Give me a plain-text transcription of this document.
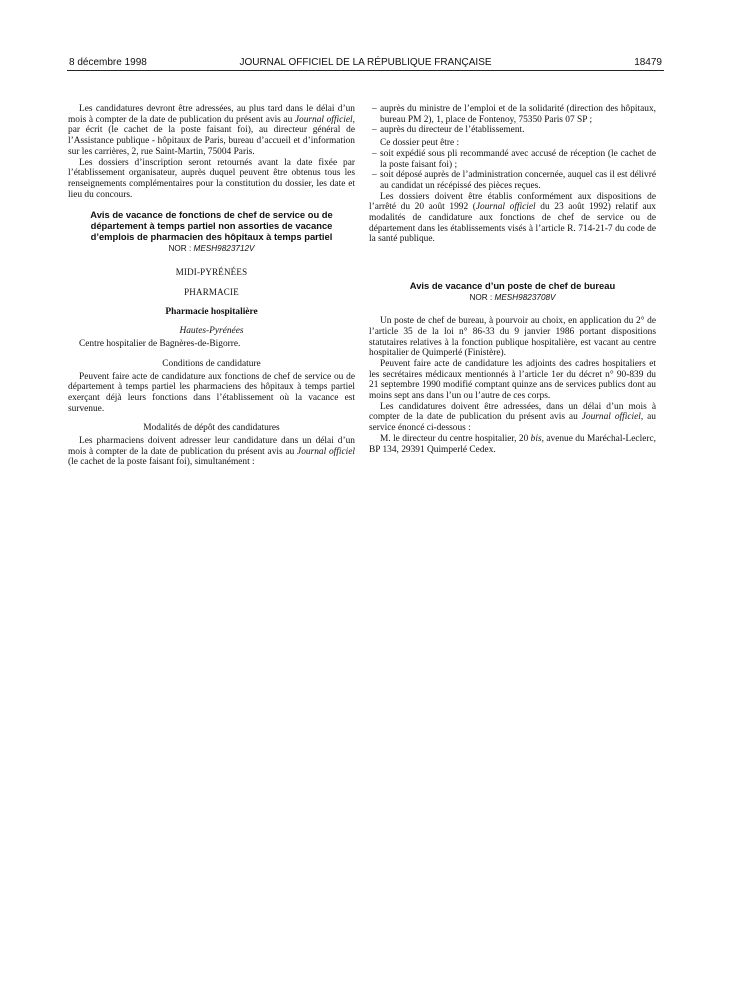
8 décembre 1998	JOURNAL OFFICIEL DE LA RÉPUBLIQUE FRANÇAISE	18479

Les candidatures devront être adressées, au plus tard dans le délai d’un mois à compter de la date de publication du présent avis au Journal officiel, par écrit (le cachet de la poste faisant foi), au directeur général de l’Assistance publique - hôpitaux de Paris, bureau d’accueil et d’information sur les carrières, 2, rue Saint-Martin, 75004 Paris.

Les dossiers d’inscription seront retournés avant la date fixée par l’établissement organisateur, auprès duquel peuvent être obtenus tous les renseignements complémentaires pour la constitution du dossier, les date et lieu du concours.

Avis de vacance de fonctions de chef de service ou de département à temps partiel non assorties de vacance d’emplois de pharmacien des hôpitaux à temps partiel
NOR : MESH9823712V
MIDI-PYRÉNÉES
PHARMACIE
Pharmacie hospitalière
Hautes-Pyrénées
Centre hospitalier de Bagnères-de-Bigorre.
Conditions de candidature

Peuvent faire acte de candidature aux fonctions de chef de service ou de département à temps partiel les pharmaciens des hôpitaux à temps partiel exerçant déjà leurs fonctions dans l’établissement où la vacance est survenue.

Modalités de dépôt des candidatures

Les pharmaciens doivent adresser leur candidature dans un délai d’un mois à compter de la date de publication du présent avis au Journal officiel (le cachet de la poste faisant foi), simultanément :

– auprès du ministre de l’emploi et de la solidarité (direction des hôpitaux, bureau PM 2), 1, place de Fontenoy, 75350 Paris 07 SP ;

– auprès du directeur de l’établissement.

Ce dossier peut être :

– soit expédié sous pli recommandé avec accusé de réception (le cachet de la poste faisant foi) ;

– soit déposé auprès de l’administration concernée, auquel cas il est délivré au candidat un récépissé des pièces reçues.

Les dossiers doivent être établis conformément aux dispositions de l’arrêté du 20 août 1992 (Journal officiel du 23 août 1992) relatif aux modalités de candidature aux fonctions de chef de service ou de département dans les établissements visés à l’article R. 714-21-7 du code de la santé publique.

Avis de vacance d’un poste de chef de bureau
NOR : MESH9823708V

Un poste de chef de bureau, à pourvoir au choix, en application du 2° de l’article 35 de la loi n° 86-33 du 9 janvier 1986 portant dispositions statutaires relatives à la fonction publique hospitalière, est vacant au centre hospitalier de Quimperlé (Finistère).

Peuvent faire acte de candidature les adjoints des cadres hospitaliers et les secrétaires médicaux mentionnés à l’article 1er du décret n° 90-839 du 21 septembre 1990 modifié comptant quinze ans de services publics dont au moins sept ans dans l’un ou l’autre de ces corps.

Les candidatures doivent être adressées, dans un délai d’un mois à compter de la date de publication du présent avis au Journal officiel, au service énoncé ci-dessous :

M. le directeur du centre hospitalier, 20 bis, avenue du Maréchal-Leclerc, BP 134, 29391 Quimperlé Cedex.
